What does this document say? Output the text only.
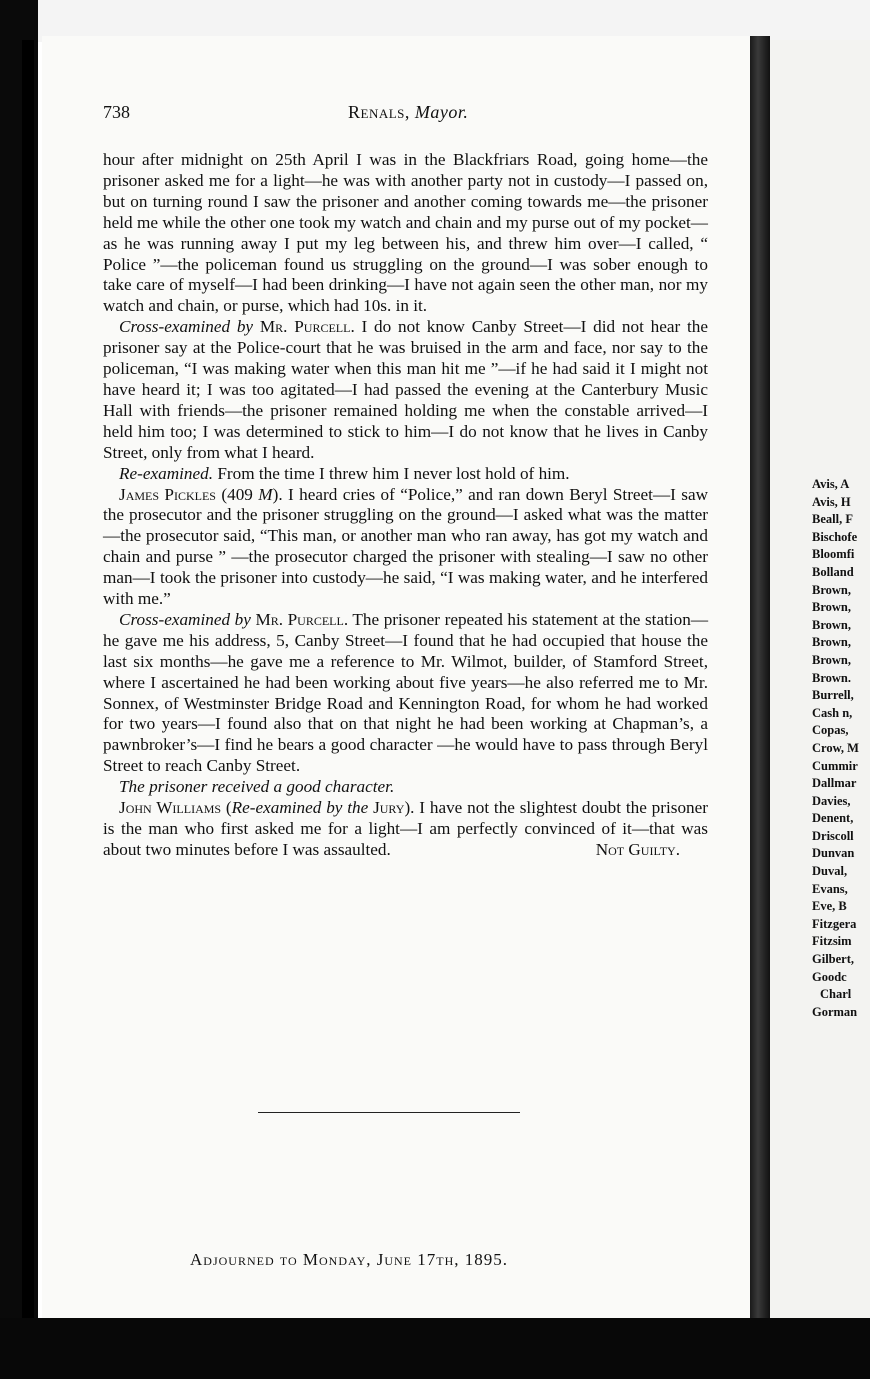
738	Renals, Mayor.

hour after midnight on 25th April I was in the Blackfriars Road, going home—the prisoner asked me for a light—he was with another party not in custody—I passed on, but on turning round I saw the prisoner and another coming towards me—the prisoner held me while the other one took my watch and chain and my purse out of my pocket—as he was running away I put my leg between his, and threw him over—I called, “ Police ”—the policeman found us struggling on the ground—I was sober enough to take care of myself—I had been drinking—I have not again seen the other man, nor my watch and chain, or purse, which had 10s. in it.

Cross-examined by Mr. Purcell. I do not know Canby Street—I did not hear the prisoner say at the Police-court that he was bruised in the arm and face, nor say to the policeman, “I was making water when this man hit me ”—if he had said it I might not have heard it; I was too agitated—I had passed the evening at the Canterbury Music Hall with friends—the prisoner remained holding me when the constable arrived—I held him too; I was determined to stick to him—I do not know that he lives in Canby Street, only from what I heard.

Re-examined. From the time I threw him I never lost hold of him.

James Pickles (409 M). I heard cries of “Police,” and ran down Beryl Street—I saw the prosecutor and the prisoner struggling on the ground—I asked what was the matter—the prosecutor said, “This man, or another man who ran away, has got my watch and chain and purse ” —the prosecutor charged the prisoner with stealing—I saw no other man—I took the prisoner into custody—he said, “I was making water, and he interfered with me.”

Cross-examined by Mr. Purcell. The prisoner repeated his statement at the station—he gave me his address, 5, Canby Street—I found that he had occupied that house the last six months—he gave me a reference to Mr. Wilmot, builder, of Stamford Street, where I ascertained he had been working about five years—he also referred me to Mr. Sonnex, of Westminster Bridge Road and Kennington Road, for whom he had worked for two years—I found also that on that night he had been working at Chapman’s, a pawnbroker’s—I find he bears a good character —he would have to pass through Beryl Street to reach Canby Street.

The prisoner received a good character.

John Williams (Re-examined by the Jury). I have not the slightest doubt the prisoner is the man who first asked me for a light—I am perfectly convinced of it—that was about two minutes before I was assaulted.	Not Guilty.

Adjourned to Monday, June 17th, 1895.
Avis, A
Avis, H
Beall, F
Bischofe
Bloomfi
Bolland
Brown,
Brown,
Brown,
Brown,
Brown,
Brown.
Burrell,
Cash n,
Copas,
Crow, M
Cummir
Dallmar
Davies,
Denent,
Driscoll
Dunvan
Duval,
Evans,
Eve, B
Fitzgera
Fitzsim
Gilbert,
Goodc
Charl
Gorman
